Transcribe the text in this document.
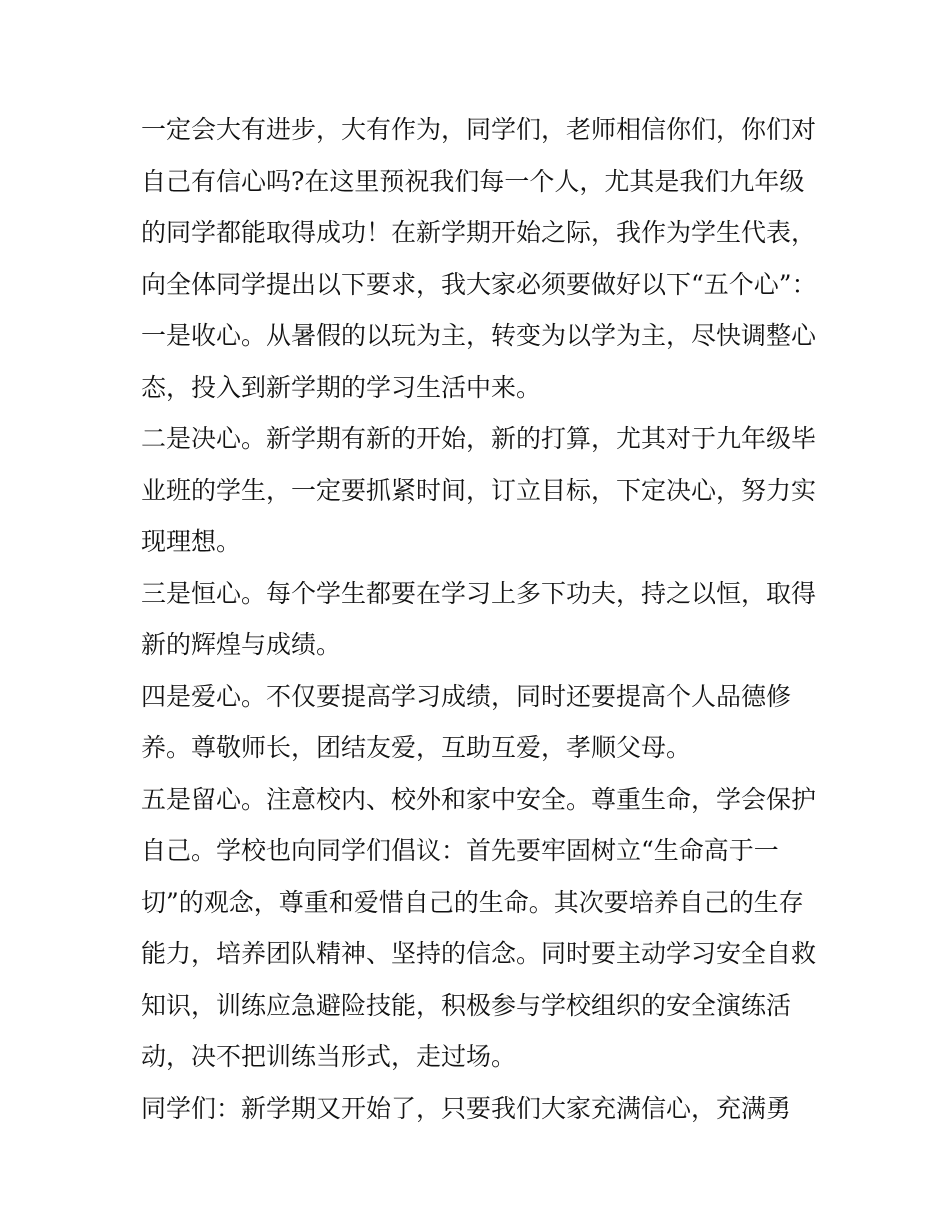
一定会大有进步，大有作为，同学们，老师相信你们，你们对
自己有信心吗?在这里预祝我们每一个人，尤其是我们九年级
的同学都能取得成功！在新学期开始之际，我作为学生代表，
向全体同学提出以下要求，我大家必须要做好以下“五个心”：
一是收心。从暑假的以玩为主，转变为以学为主，尽快调整心
态，投入到新学期的学习生活中来。
二是决心。新学期有新的开始，新的打算，尤其对于九年级毕
业班的学生，一定要抓紧时间，订立目标，下定决心，努力实
现理想。
三是恒心。每个学生都要在学习上多下功夫，持之以恒，取得
新的辉煌与成绩。
四是爱心。不仅要提高学习成绩，同时还要提高个人品德修
养。尊敬师长，团结友爱，互助互爱，孝顺父母。
五是留心。注意校内、校外和家中安全。尊重生命，学会保护
自己。学校也向同学们倡议：首先要牢固树立“生命高于一
切”的观念，尊重和爱惜自己的生命。其次要培养自己的生存
能力，培养团队精神、坚持的信念。同时要主动学习安全自救
知识，训练应急避险技能，积极参与学校组织的安全演练活
动，决不把训练当形式，走过场。
同学们：新学期又开始了，只要我们大家充满信心，充满勇
